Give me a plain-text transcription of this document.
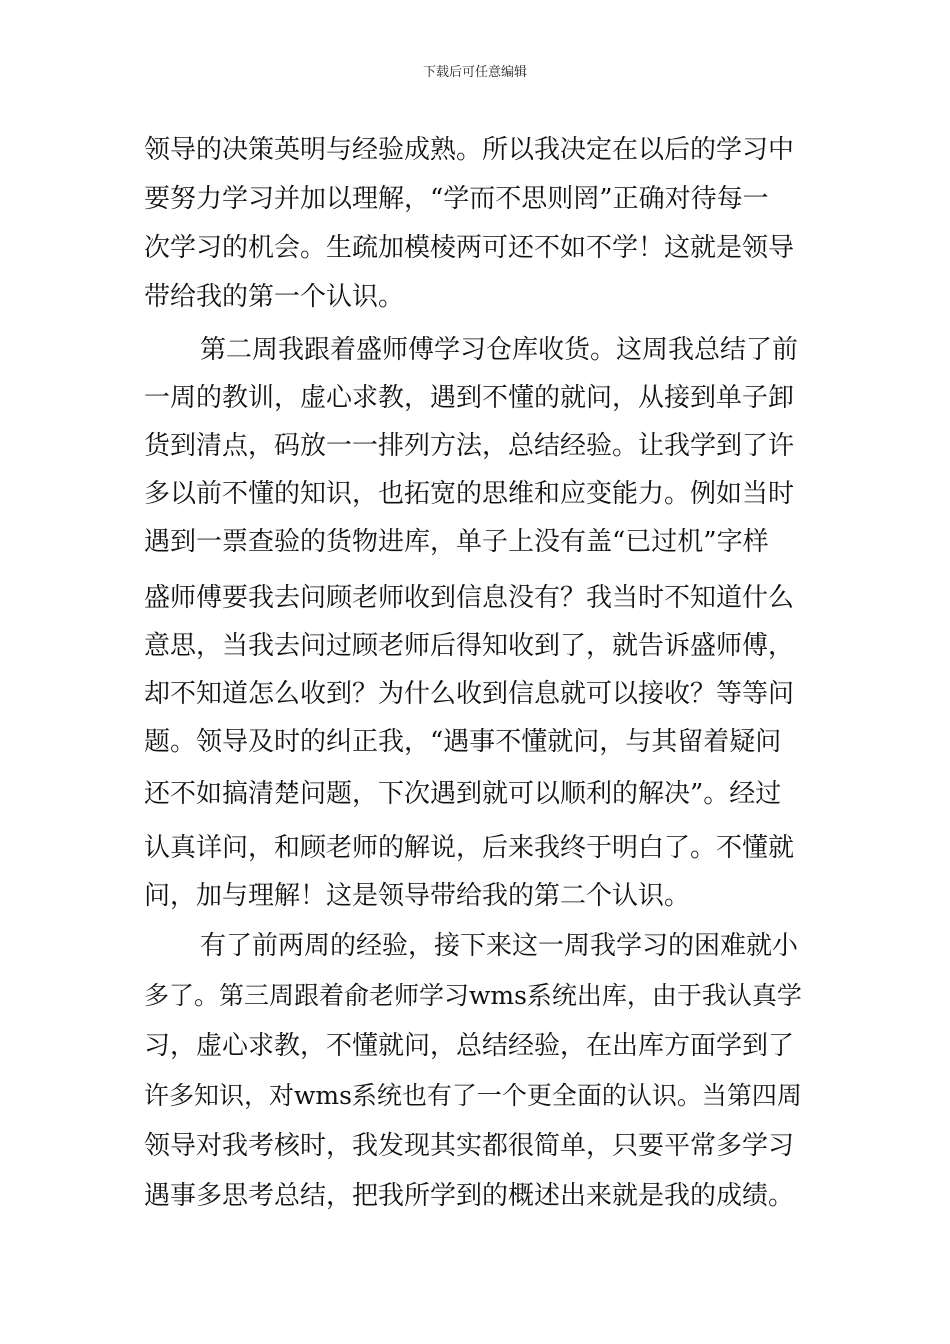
下载后可任意编辑
领导的决策英明与经验成熟。所以我决定在以后的学习中
要努力学习并加以理解，“学而不思则罔”正确对待每一
次学习的机会。生疏加模棱两可还不如不学！这就是领导
带给我的第一个认识。
第二周我跟着盛师傅学习仓库收货。这周我总结了前
一周的教训，虚心求教，遇到不懂的就问，从接到单子卸
货到清点，码放一一排列方法，总结经验。让我学到了许
多以前不懂的知识，也拓宽的思维和应变能力。例如当时
遇到一票查验的货物进库，单子上没有盖“已过机”字样
盛师傅要我去问顾老师收到信息没有？我当时不知道什么
意思，当我去问过顾老师后得知收到了，就告诉盛师傅，
却不知道怎么收到？为什么收到信息就可以接收？等等问
题。领导及时的纠正我，“遇事不懂就问，与其留着疑问
还不如搞清楚问题，下次遇到就可以顺利的解决”。经过
认真详问，和顾老师的解说，后来我终于明白了。不懂就
问，加与理解！这是领导带给我的第二个认识。
有了前两周的经验，接下来这一周我学习的困难就小
多了。第三周跟着俞老师学习wms系统出库，由于我认真学
习，虚心求教，不懂就问，总结经验，在出库方面学到了
许多知识，对wms系统也有了一个更全面的认识。当第四周
领导对我考核时，我发现其实都很简单，只要平常多学习
遇事多思考总结，把我所学到的概述出来就是我的成绩。
